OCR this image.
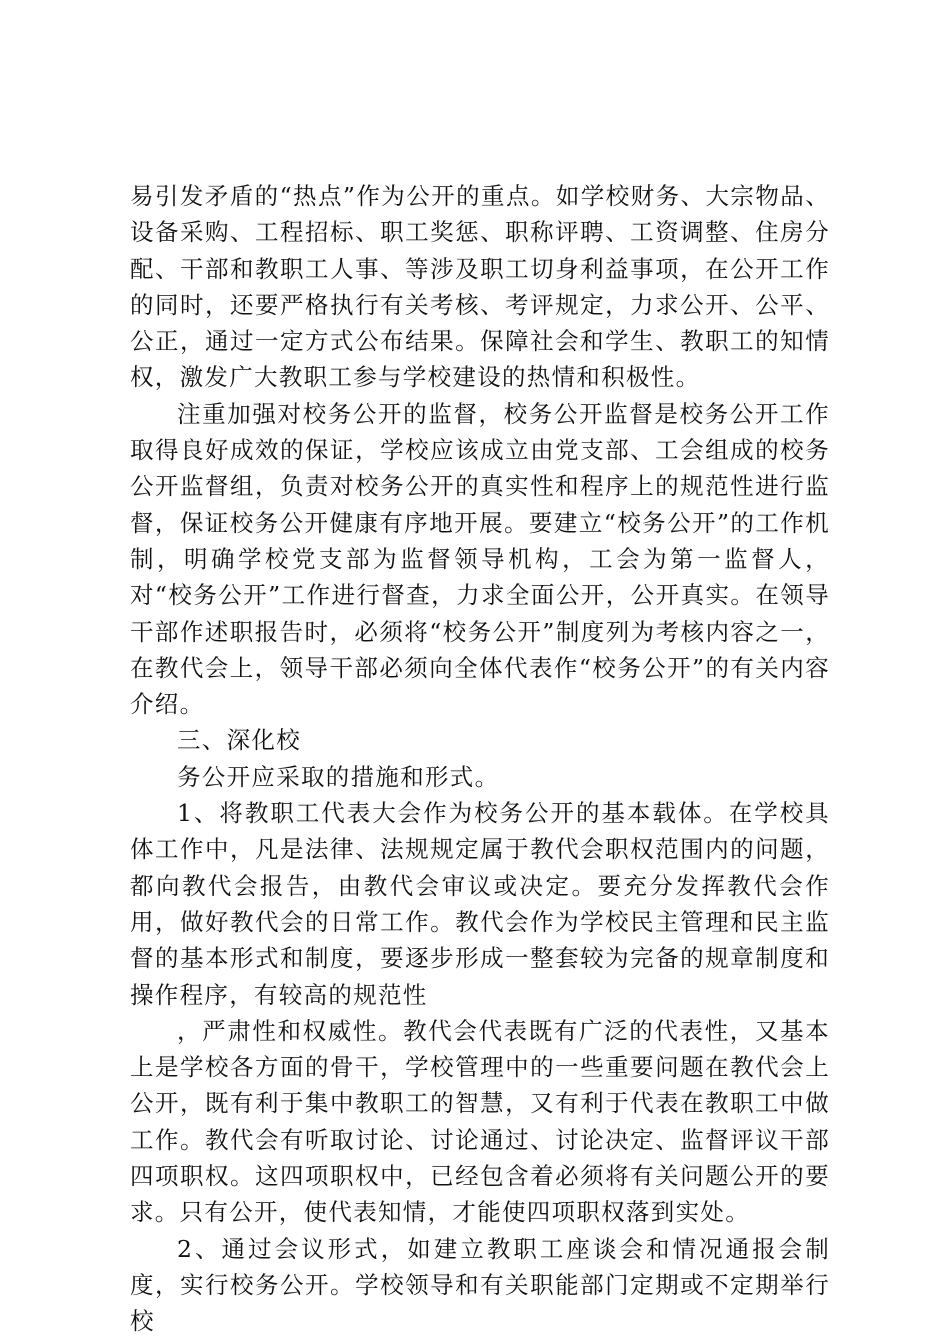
易引发矛盾的“热点”作为公开的重点。如学校财务、大宗物品、设备采购、工程招标、职工奖惩、职称评聘、工资调整、住房分配、干部和教职工人事、等涉及职工切身利益事项，在公开工作的同时，还要严格执行有关考核、考评规定，力求公开、公平、公正，通过一定方式公布结果。保障社会和学生、教职工的知情权，激发广大教职工参与学校建设的热情和积极性。

注重加强对校务公开的监督，校务公开监督是校务公开工作取得良好成效的保证，学校应该成立由党支部、工会组成的校务公开监督组，负责对校务公开的真实性和程序上的规范性进行监督，保证校务公开健康有序地开展。要建立“校务公开”的工作机制，明确学校党支部为监督领导机构，工会为第一监督人，对“校务公开”工作进行督查，力求全面公开，公开真实。在领导干部作述职报告时，必须将“校务公开”制度列为考核内容之一，在教代会上，领导干部必须向全体代表作“校务公开”的有关内容介绍。

三、深化校

务公开应采取的措施和形式。

1、将教职工代表大会作为校务公开的基本载体。在学校具体工作中，凡是法律、法规规定属于教代会职权范围内的问题，都向教代会报告，由教代会审议或决定。要充分发挥教代会作用，做好教代会的日常工作。教代会作为学校民主管理和民主监督的基本形式和制度，要逐步形成一整套较为完备的规章制度和操作程序，有较高的规范性

，严肃性和权威性。教代会代表既有广泛的代表性，又基本上是学校各方面的骨干，学校管理中的一些重要问题在教代会上公开，既有利于集中教职工的智慧，又有利于代表在教职工中做工作。教代会有听取讨论、讨论通过、讨论决定、监督评议干部四项职权。这四项职权中，已经包含着必须将有关问题公开的要求。只有公开，使代表知情，才能使四项职权落到实处。

2、通过会议形式，如建立教职工座谈会和情况通报会制度，实行校务公开。学校领导和有关职能部门定期或不定期举行校
